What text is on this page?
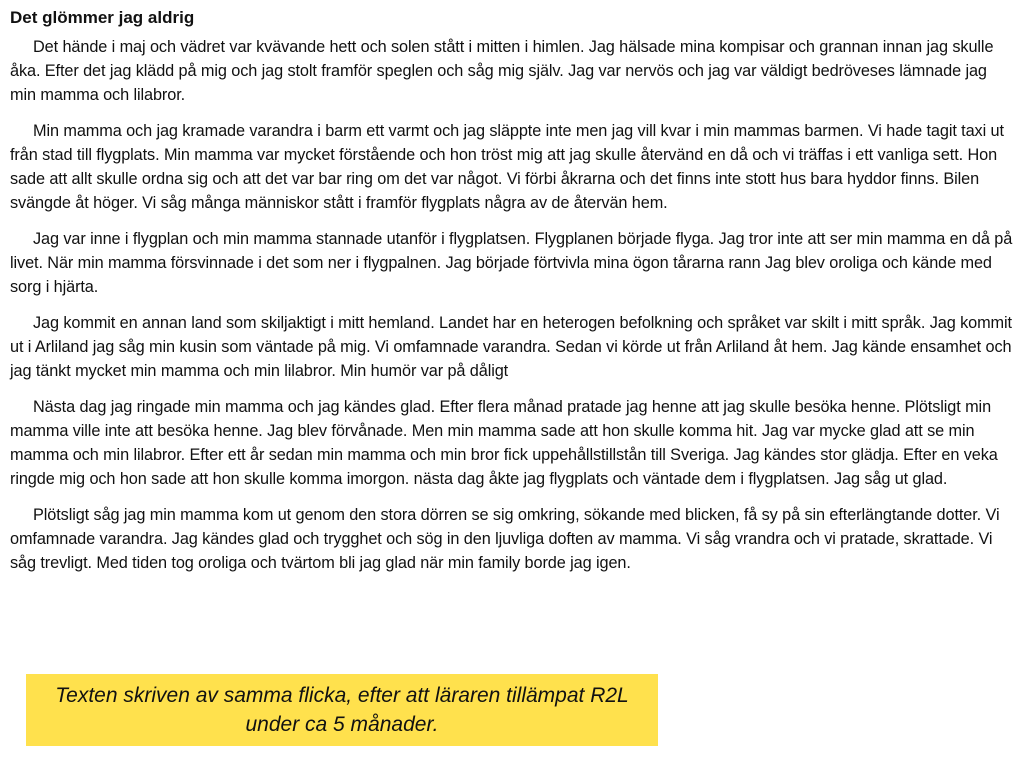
Det glömmer jag aldrig

Det hände i maj och vädret var kvävande hett och solen stått i mitten i himlen. Jag hälsade mina kompisar och grannan innan jag skulle åka. Efter det jag klädd på mig och jag stolt framför speglen och såg mig själv. Jag var nervös och jag var väldigt bedröveses lämnade jag min mamma och lilabror.

Min mamma och jag kramade varandra i barm ett varmt och jag släppte inte men jag vill kvar i min mammas barmen. Vi hade tagit taxi ut från stad till flygplats. Min mamma var mycket förstående och hon tröst mig att jag skulle återvänd en då och vi träffas i ett vanliga sett. Hon sade att allt skulle ordna sig och att det var bar ring om det var något. Vi förbi åkrarna och det finns inte stott hus bara hyddor finns. Bilen svängde åt höger. Vi såg många människor stått i framför flygplats några av de återvän hem.

Jag var inne i flygplan och min mamma stannade utanför i flygplatsen. Flygplanen började flyga. Jag tror inte att ser min mamma en då på livet. När min mamma försvinnade i det som ner i flygpalnen. Jag började förtvivla mina ögon tårarna rann Jag blev oroliga och kände med sorg i hjärta.

Jag kommit en annan land som skiljaktigt i mitt hemland. Landet har en heterogen befolkning och språket var skilt i mitt språk. Jag kommit ut i Arliland jag såg min kusin som väntade på mig. Vi omfamnade varandra. Sedan vi körde ut från Arliland åt hem. Jag kände ensamhet och jag tänkt mycket min mamma och min lilabror. Min humör var på dåligt

Nästa dag jag ringade min mamma och jag kändes glad. Efter flera månad pratade jag henne att jag skulle besöka henne. Plötsligt min mamma ville inte att besöka henne. Jag blev förvånade. Men min mamma sade att hon skulle komma hit. Jag var mycke glad att se min mamma och min lilabror. Efter ett år sedan min mamma och min bror fick uppehållstillstån till Sveriga. Jag kändes stor glädja. Efter en veka ringde mig och hon sade att hon skulle komma imorgon. nästa dag åkte jag flygplats och väntade dem i flygplatsen. Jag såg ut glad.

Plötsligt såg jag min mamma kom ut genom den stora dörren se sig omkring, sökande med blicken, få sy på sin efterlängtande dotter. Vi omfamnade varandra. Jag kändes glad och trygghet och sög in den ljuvliga doften av mamma. Vi såg vrandra och vi pratade, skrattade. Vi såg trevligt. Med tiden tog oroliga och tvärtom bli jag glad när min family borde jag igen.

Texten skriven av samma flicka, efter att läraren tillämpat R2L under ca 5 månader.
